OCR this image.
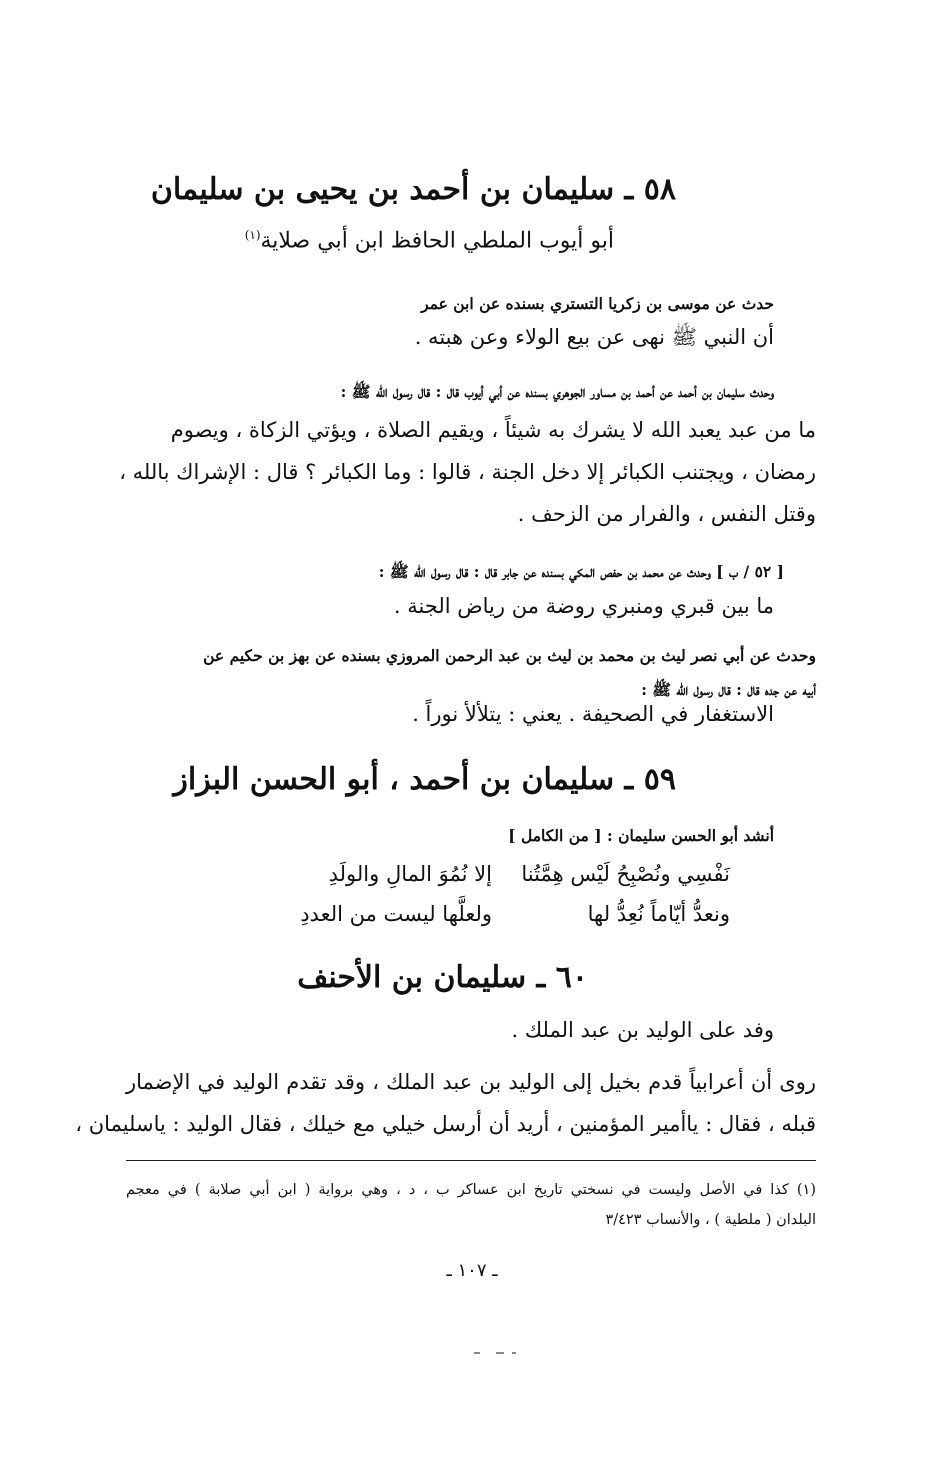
٥٨ ـ سليمان بن أحمد بن يحيى بن سليمان
أبو أيوب الملطي الحافظ ابن أبي صلاية$^{(١)}$
حدث عن موسى بن زكريا التستري بسنده عن ابن عمر
أن النبي ﷺ نهى عن بيع الولاء وعن هبته .
وحدث سليمان بن أحمد عن أحمد بن مساور الجوهري بسنده عن أبي أيوب قال : قال رسول الله ﷺ :
ما من عبد يعبد الله لا يشرك به شيئاً ، ويقيم الصلاة ، ويؤتي الزكاة ، ويصوم
رمضان ، ويجتنب الكبائر إلا دخل الجنة ، قالوا : وما الكبائر ؟ قال : الإشراك بالله ،
وقتل النفس ، والفرار من الزحف .
[ ٥٢ / ب ] وحدث عن محمد بن حفص المكي بسنده عن جابر قال : قال رسول الله ﷺ :
ما بين قبري ومنبري روضة من رياض الجنة .
وحدث عن أبي نصر ليث بن محمد بن ليث بن عبد الرحمن المروزي بسنده عن بهز بن حكيم عن
أبيه عن جده قال : قال رسول الله ﷺ :
الاستغفار في الصحيفة . يعني : يتلألأ نوراً .
٥٩ ـ سليمان بن أحمد ، أبو الحسن البزاز
أنشد أبو الحسن سليمان : [ من الكامل ]
نَفْسِي ونُصْبِحُ لَيْس هِمَّتُنا
إلا نُمُوَ المالِ والولَدِ
ونعدُّ أيّاماً نُعِدُّ لها
ولعلَّها ليست من العددِ
٦٠ ـ سليمان بن الأحنف
وفد على الوليد بن عبد الملك .
روى أن أعرابياً قدم بخيل إلى الوليد بن عبد الملك ، وقد تقدم الوليد في الإضمار
قبله ، فقال : ياأمير المؤمنين ، أريد أن أرسل خيلي مع خيلك ، فقال الوليد : ياسليمان ،
(١) كذا في الأصل وليست في نسختي تاريخ ابن عساكر ب ، د ، وهي برواية ( ابن أبي صلابة ) في معجم
البلدان ( ملطية ) ، والأنساب ٣/٤٢٣
ـ ١٠٧ ـ
